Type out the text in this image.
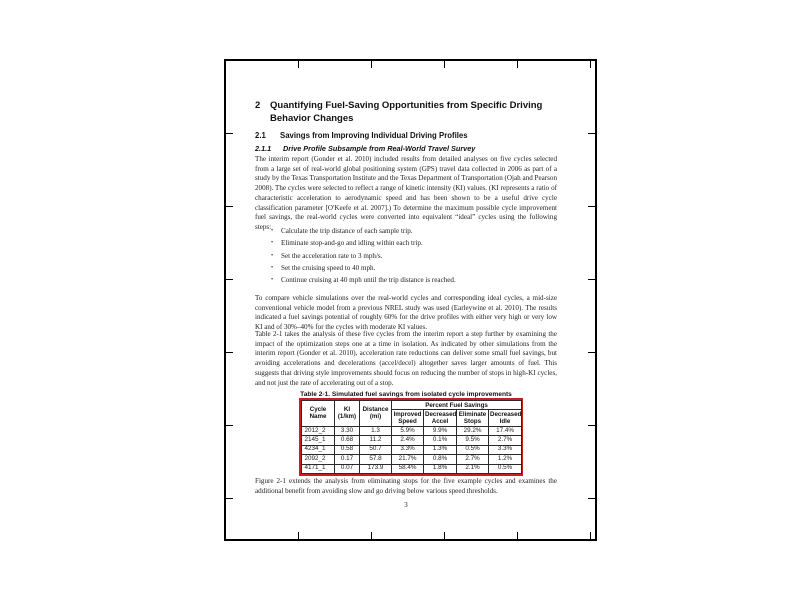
2	Quantifying Fuel-Saving Opportunities from Specific Driving Behavior Changes
2.1	Savings from Improving Individual Driving Profiles
2.1.1	Drive Profile Subsample from Real-World Travel Survey
The interim report (Gonder et al. 2010) included results from detailed analyses on five cycles selected from a large set of real-world global positioning system (GPS) travel data collected in 2006 as part of a study by the Texas Transportation Institute and the Texas Department of Transportation (Ojah and Pearson 2008). The cycles were selected to reflect a range of kinetic intensity (KI) values. (KI represents a ratio of characteristic acceleration to aerodynamic speed and has been shown to be a useful drive cycle classification parameter [O'Keefe et al. 2007].) To determine the maximum possible cycle improvement fuel savings, the real-world cycles were converted into equivalent “ideal” cycles using the following steps:
•	Calculate the trip distance of each sample trip.
•	Eliminate stop-and-go and idling within each trip.
•	Set the acceleration rate to 3 mph/s.
•	Set the cruising speed to 40 mph.
•	Continue cruising at 40 mph until the trip distance is reached.
To compare vehicle simulations over the real-world cycles and corresponding ideal cycles, a mid-size conventional vehicle model from a previous NREL study was used (Earleywine et al. 2010). The results indicated a fuel savings potential of roughly 60% for the drive profiles with either very high or very low KI and of 30%–40% for the cycles with moderate KI values.
Table 2-1 takes the analysis of these five cycles from the interim report a step further by examining the impact of the optimization steps one at a time in isolation. As indicated by other simulations from the interim report (Gonder et al. 2010), acceleration rate reductions can deliver some small fuel savings, but avoiding accelerations and decelerations (accel/decel) altogether saves larger amounts of fuel. This suggests that driving style improvements should focus on reducing the number of stops in high-KI cycles, and not just the rate of accelerating out of a stop.
Table 2-1. Simulated fuel savings from isolated cycle improvements
Cycle Name	KI (1/km)	Distance (mi)	Percent Fuel Savings			
			Improved Speed	Decreased Accel	Eliminate Stops	Decreased Idle
2012_2	3.30	1.3	5.9%	9.9%	29.2%	17.4%
2145_1	0.68	11.2	2.4%	0.1%	9.5%	2.7%
4234_1	0.58	50.7	3.3%	1.3%	0.5%	3.3%
2092_2	0.17	57.8	21.7%	0.8%	2.7%	1.2%
4171_1	0.07	173.9	58.4%	1.8%	2.1%	0.5%
Figure 2-1 extends the analysis from eliminating stops for the five example cycles and examines the additional benefit from avoiding slow and go driving below various speed thresholds.
3
